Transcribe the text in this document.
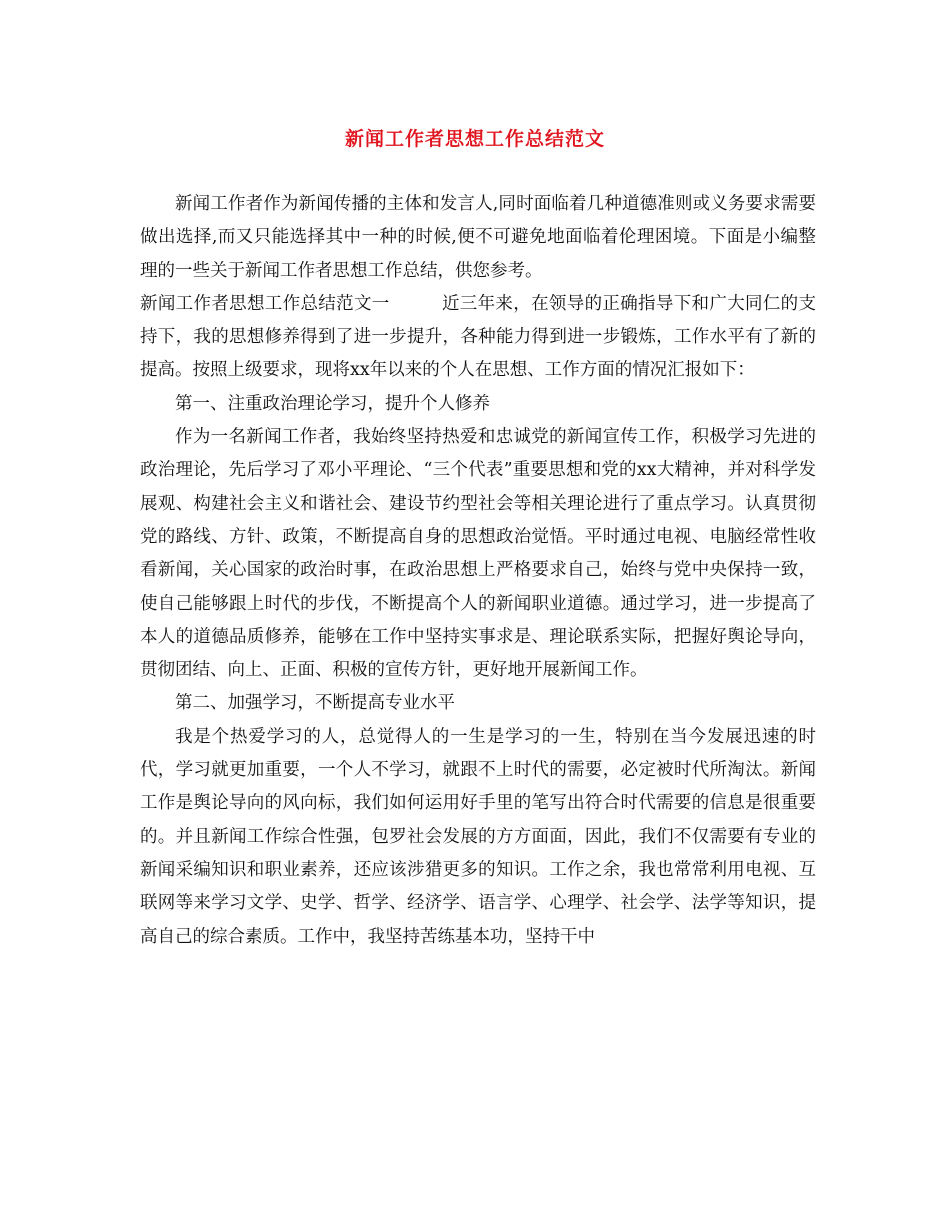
新闻工作者思想工作总结范文

新闻工作者作为新闻传播的主体和发言人,同时面临着几种道德准则或义务要求需要做出选择,而又只能选择其中一种的时候,便不可避免地面临着伦理困境。下面是小编整理的一些关于新闻工作者思想工作总结，供您参考。

新闻工作者思想工作总结范文一	近三年来，在领导的正确指导下和广大同仁的支持下，我的思想修养得到了进一步提升，各种能力得到进一步锻炼，工作水平有了新的提高。按照上级要求，现将xx年以来的个人在思想、工作方面的情况汇报如下：

第一、注重政治理论学习，提升个人修养

作为一名新闻工作者，我始终坚持热爱和忠诚党的新闻宣传工作，积极学习先进的政治理论，先后学习了邓小平理论、“三个代表”重要思想和党的xx大精神，并对科学发展观、构建社会主义和谐社会、建设节约型社会等相关理论进行了重点学习。认真贯彻党的路线、方针、政策，不断提高自身的思想政治觉悟。平时通过电视、电脑经常性收看新闻，关心国家的政治时事，在政治思想上严格要求自己，始终与党中央保持一致，使自己能够跟上时代的步伐，不断提高个人的新闻职业道德。通过学习，进一步提高了本人的道德品质修养，能够在工作中坚持实事求是、理论联系实际，把握好舆论导向，贯彻团结、向上、正面、积极的宣传方针，更好地开展新闻工作。

第二、加强学习，不断提高专业水平

我是个热爱学习的人，总觉得人的一生是学习的一生，特别在当今发展迅速的时代，学习就更加重要，一个人不学习，就跟不上时代的需要，必定被时代所淘汰。新闻工作是舆论导向的风向标，我们如何运用好手里的笔写出符合时代需要的信息是很重要的。并且新闻工作综合性强，包罗社会发展的方方面面，因此，我们不仅需要有专业的新闻采编知识和职业素养，还应该涉猎更多的知识。工作之余，我也常常利用电视、互联网等来学习文学、史学、哲学、经济学、语言学、心理学、社会学、法学等知识，提高自己的综合素质。工作中，我坚持苦练基本功，坚持干中
